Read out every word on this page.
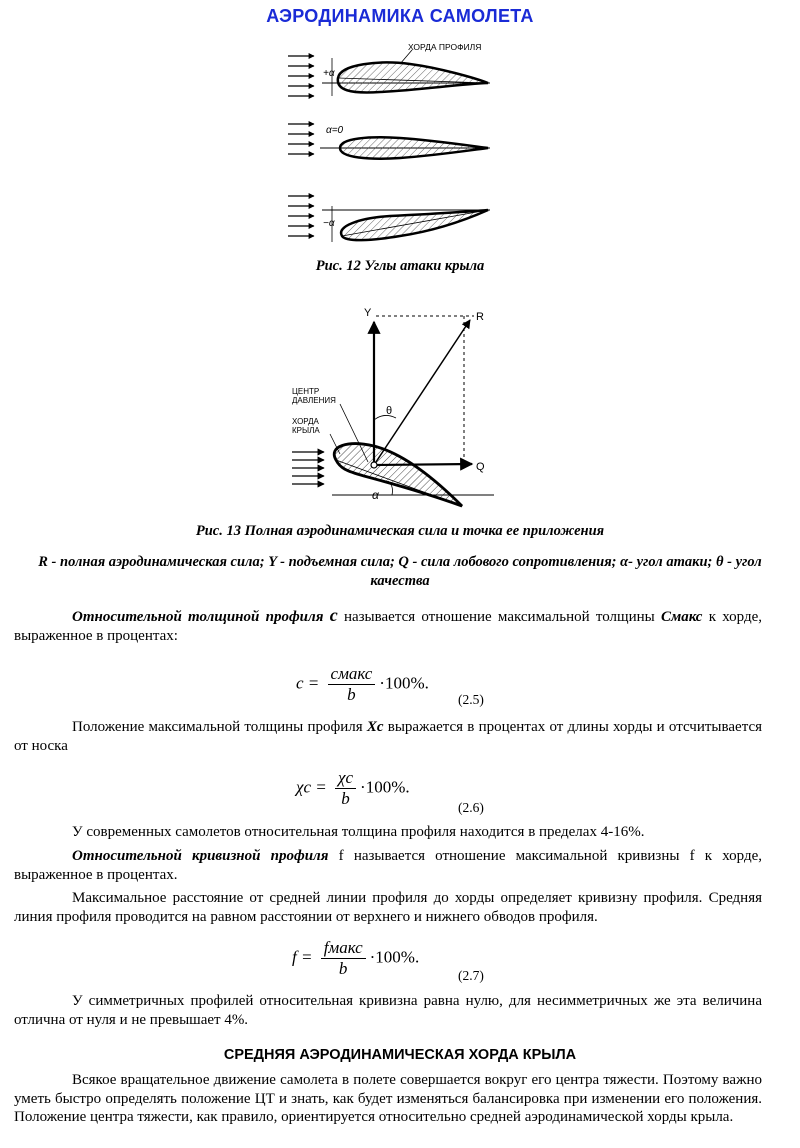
АЭРОДИНАМИКА САМОЛЕТА
ХОРДА ПРОФИЛЯ
+α
α=0
−α
Рис. 12 Углы атаки крыла
Y	R
Q
θ
α
ЦЕНТР
ДАВЛЕНИЯ
ХОРДА
КРЫЛА
Рис. 13 Полная аэродинамическая сила и точка ее приложения
R - полная аэродинамическая сила; Y - подъемная сила; Q - сила лобового сопротивления; α- угол атаки; θ - угол качества
Относительной толщиной профиля c называется отношение максимальной толщины Cмакс к хорде, выраженное в процентах:
$c = \frac{\text{cмакс}}{b} \cdot 100\%$.
(2.5)
Положение максимальной толщины профиля Xc выражается в процентах от длины хорды и отсчитывается от носка
$\chi c = \frac{\chi c}{b} \cdot 100\%$.
(2.6)
У современных самолетов относительная толщина профиля находится в пределах 4-16%.
Относительной кривизной профиля f называется отношение максимальной кривизны f к хорде, выраженное в процентах.
Максимальное расстояние от средней линии профиля до хорды определяет кривизну профиля. Средняя линия профиля проводится на равном расстоянии от верхнего и нижнего обводов профиля.
$f = \frac{\text{fмакс}}{b} \cdot 100\%$.
(2.7)
У симметричных профилей относительная кривизна равна нулю, для несимметричных же эта величина отлична от нуля и не превышает 4%.
СРЕДНЯЯ АЭРОДИНАМИЧЕСКАЯ ХОРДА КРЫЛА
Всякое вращательное движение самолета в полете совершается вокруг его центра тяжести. Поэтому важно уметь быстро определять положение ЦТ и знать, как будет изменяться балансировка при изменении его положения. Положение центра тяжести, как правило, ориентируется относительно средней аэродинамической хорды крыла.
